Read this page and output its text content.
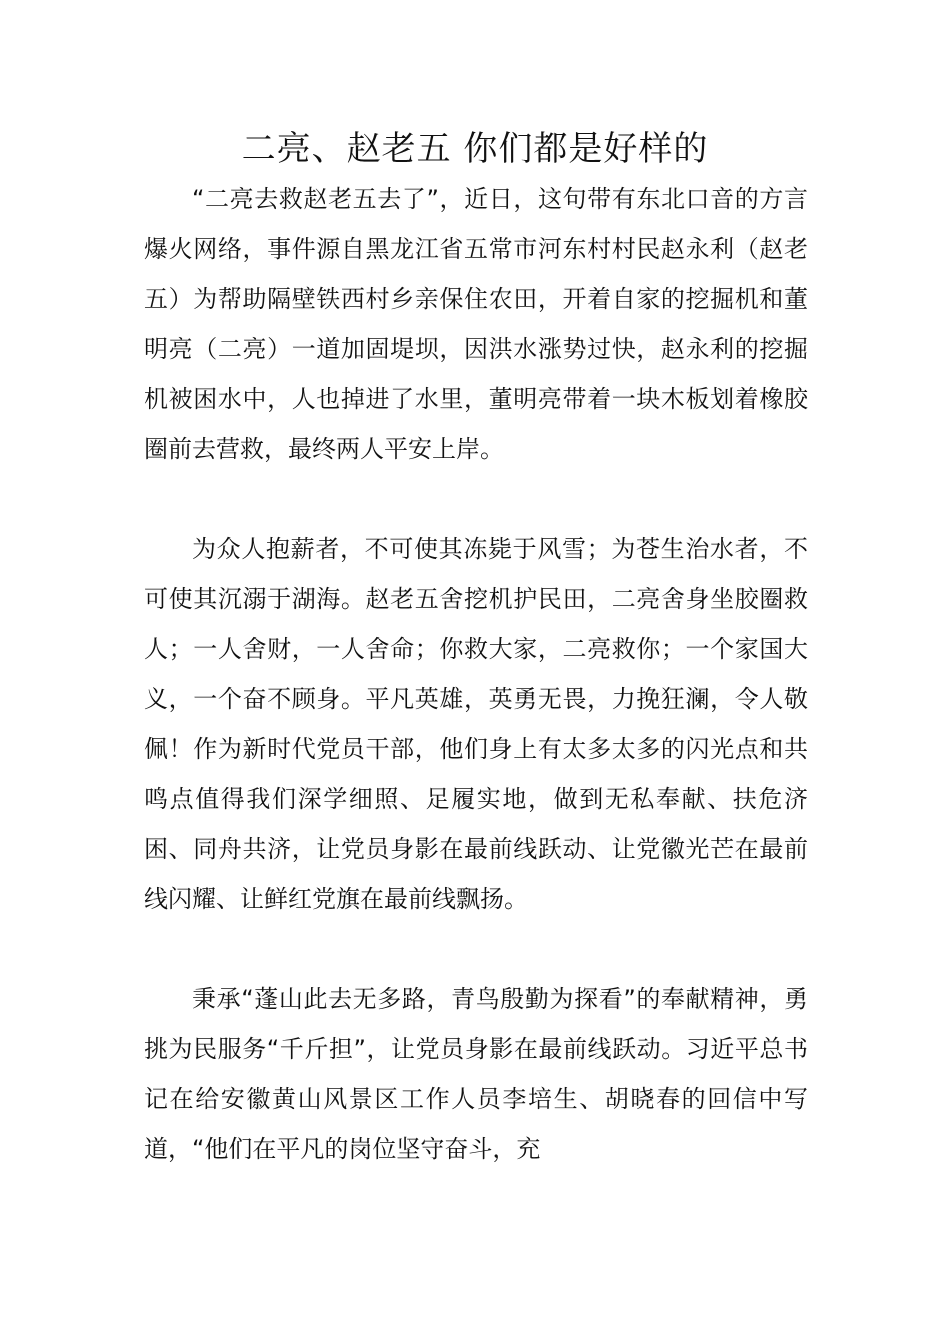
二亮、赵老五 你们都是好样的

“二亮去救赵老五去了”，近日，这句带有东北口音的方言爆火网络，事件源自黑龙江省五常市河东村村民赵永利（赵老五）为帮助隔壁铁西村乡亲保住农田，开着自家的挖掘机和董明亮（二亮）一道加固堤坝，因洪水涨势过快，赵永利的挖掘机被困水中，人也掉进了水里，董明亮带着一块木板划着橡胶圈前去营救，最终两人平安上岸。

为众人抱薪者，不可使其冻毙于风雪；为苍生治水者，不可使其沉溺于湖海。赵老五舍挖机护民田，二亮舍身坐胶圈救人；一人舍财，一人舍命；你救大家，二亮救你；一个家国大义，一个奋不顾身。平凡英雄，英勇无畏，力挽狂澜，令人敬佩！作为新时代党员干部，他们身上有太多太多的闪光点和共鸣点值得我们深学细照、足履实地，做到无私奉献、扶危济困、同舟共济，让党员身影在最前线跃动、让党徽光芒在最前线闪耀、让鲜红党旗在最前线飘扬。

秉承“蓬山此去无多路，青鸟殷勤为探看”的奉献精神，勇挑为民服务“千斤担”，让党员身影在最前线跃动。习近平总书记在给安徽黄山风景区工作人员李培生、胡晓春的回信中写道，“他们在平凡的岗位坚守奋斗，充
